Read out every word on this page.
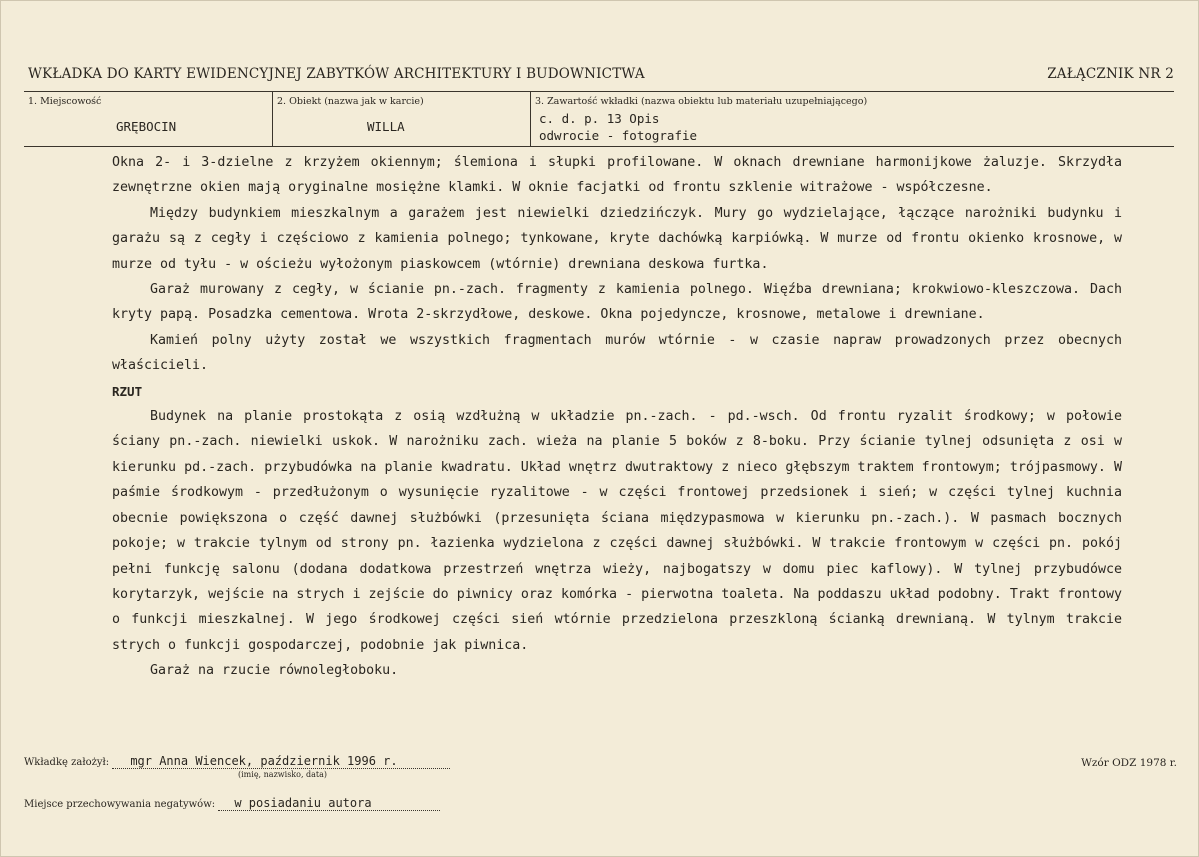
WKŁADKA DO KARTY EWIDENCYJNEJ ZABYTKÓW ARCHITEKTURY I BUDOWNICTWA	ZAŁĄCZNIK NR 2
1. Miejscowość
GRĘBOCIN
2. Obiekt (nazwa jak w karcie)
WILLA
3. Zawartość wkładki (nazwa obiektu lub materiału uzupełniającego)
c. d. p. 13 Opis
odwrocie - fotografie

Okna 2- i 3-dzielne z krzyżem okiennym; ślemiona i słupki profilowane. W oknach drewniane harmonijkowe żaluzje. Skrzydła zewnętrzne okien mają oryginalne mosiężne klamki. W oknie facjatki od frontu szklenie witrażowe - współczesne.

Między budynkiem mieszkalnym a garażem jest niewielki dziedzińczyk. Mury go wydzielające, łączące narożniki budynku i garażu są z cegły i częściowo z kamienia polnego; tynkowane, kryte dachówką karpiówką. W murze od frontu okienko krosnowe, w murze od tyłu - w ościeżu wyłożonym piaskowcem (wtórnie) drewniana deskowa furtka.

Garaż murowany z cegły, w ścianie pn.-zach. fragmenty z kamienia polnego. Więźba drewniana; krokwiowo-kleszczowa. Dach kryty papą. Posadzka cementowa. Wrota 2-skrzydłowe, deskowe. Okna pojedyncze, krosnowe, metalowe i drewniane.

Kamień polny użyty został we wszystkich fragmentach murów wtórnie - w czasie napraw prowadzonych przez obecnych właścicieli.

RZUT

Budynek na planie prostokąta z osią wzdłużną w układzie pn.-zach. - pd.-wsch. Od frontu ryzalit środkowy; w połowie ściany pn.-zach. niewielki uskok. W narożniku zach. wieża na planie 5 boków z 8-boku. Przy ścianie tylnej odsunięta z osi w kierunku pd.-zach. przybudówka na planie kwadratu. Układ wnętrz dwutraktowy z nieco głębszym traktem frontowym; trójpasmowy. W paśmie środkowym - przedłużonym o wysunięcie ryzalitowe - w części frontowej przedsionek i sień; w części tylnej kuchnia obecnie powiększona o część dawnej służbówki (przesunięta ściana międzypasmowa w kierunku pn.-zach.). W pasmach bocznych pokoje; w trakcie tylnym od strony pn. łazienka wydzielona z części dawnej służbówki. W trakcie frontowym w części pn. pokój pełni funkcję salonu (dodana dodatkowa przestrzeń wnętrza wieży, najbogatszy w domu piec kaflowy). W tylnej przybudówce korytarzyk, wejście na strych i zejście do piwnicy oraz komórka - pierwotna toaleta. Na poddaszu układ podobny. Trakt frontowy o funkcji mieszkalnej. W jego środkowej części sień wtórnie przedzielona przeszkloną ścianką drewnianą. W tylnym trakcie strych o funkcji gospodarczej, podobnie jak piwnica.

Garaż na rzucie równoległoboku.

Wkładkę założył: mgr Anna Wiencek, październik 1996 r.
(imię, nazwisko, data)
Wzór ODZ 1978 r.
Miejsce przechowywania negatywów: w posiadaniu autora
